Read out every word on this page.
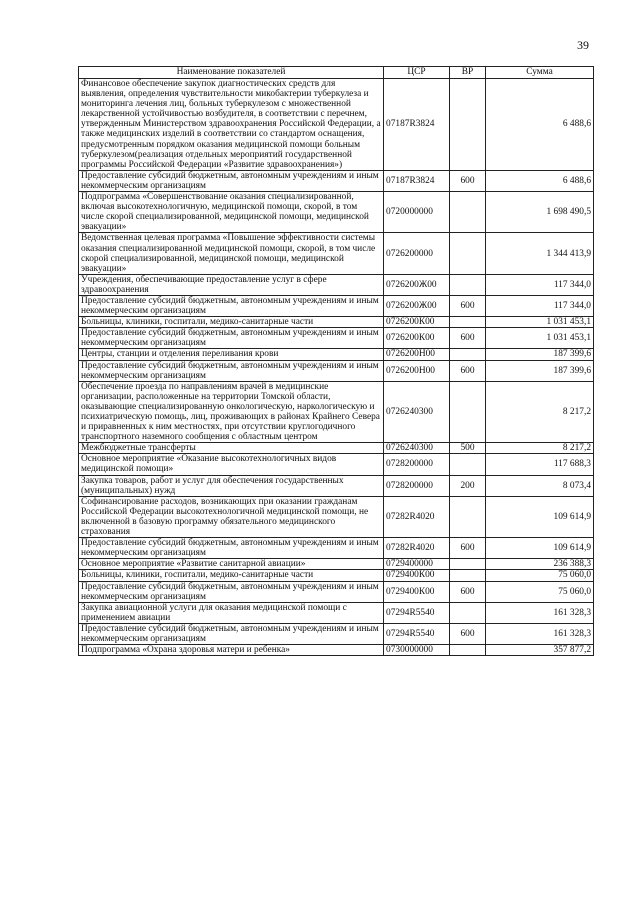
39
Наименование показателей	ЦСР	ВР	Сумма
Финансовое обеспечение закупок диагностических средств для выявления, определения чувствительности микобактерии туберкулеза и мониторинга лечения лиц, больных туберкулезом с множественной лекарственной устойчивостью возбудителя, в соответствии с перечнем, утвержденным Министерством здравоохранения Российской Федерации, а также медицинских изделий в соответствии со стандартом оснащения, предусмотренным порядком оказания медицинской помощи больным туберкулезом(реализация отдельных мероприятий государственной программы Российской Федерации «Развитие здравоохранения»)	07187R3824		6 488,6
Предоставление субсидий бюджетным, автономным учреждениям и иным некоммерческим организациям	07187R3824	600	6 488,6
Подпрограмма «Совершенствование оказания специализированной, включая высокотехнологичную, медицинской помощи, скорой, в том числе скорой специализированной, медицинской помощи, медицинской эвакуации»	0720000000		1 698 490,5
Ведомственная целевая программа «Повышение эффективности системы оказания специализированной медицинской помощи, скорой, в том числе скорой специализированной, медицинской помощи, медицинской эвакуации»	0726200000		1 344 413,9
Учреждения, обеспечивающие предоставление услуг в сфере здравоохранения	0726200Ж00		117 344,0
Предоставление субсидий бюджетным, автономным учреждениям и иным некоммерческим организациям	0726200Ж00	600	117 344,0
Больницы, клиники, госпитали, медико-санитарные части	0726200К00		1 031 453,1
Предоставление субсидий бюджетным, автономным учреждениям и иным некоммерческим организациям	0726200К00	600	1 031 453,1
Центры, станции и отделения переливания крови	0726200Н00		187 399,6
Предоставление субсидий бюджетным, автономным учреждениям и иным некоммерческим организациям	0726200Н00	600	187 399,6
Обеспечение проезда по направлениям врачей в медицинские организации, расположенные на территории Томской области, оказывающие специализированную онкологическую, наркологическую и психиатрическую помощь, лиц, проживающих в районах Крайнего Севера и приравненных к ним местностях, при отсутствии круглогодичного транспортного наземного сообщения с областным центром	0726240300		8 217,2
Межбюджетные трансферты	0726240300	500	8 217,2
Основное мероприятие «Оказание высокотехнологичных видов медицинской помощи»	0728200000		117 688,3
Закупка товаров, работ и услуг для обеспечения государственных (муниципальных) нужд	0728200000	200	8 073,4
Софинансирование расходов, возникающих при оказании гражданам Российской Федерации высокотехнологичной медицинской помощи, не включенной в базовую программу обязательного медицинского страхования	07282R4020		109 614,9
Предоставление субсидий бюджетным, автономным учреждениям и иным некоммерческим организациям	07282R4020	600	109 614,9
Основное мероприятие «Развитие санитарной авиации»	0729400000		236 388,3
Больницы, клиники, госпитали, медико-санитарные части	0729400К00		75 060,0
Предоставление субсидий бюджетным, автономным учреждениям и иным некоммерческим организациям	0729400К00	600	75 060,0
Закупка авиационной услуги для оказания медицинской помощи с применением авиации	07294R5540		161 328,3
Предоставление субсидий бюджетным, автономным учреждениям и иным некоммерческим организациям	07294R5540	600	161 328,3
Подпрограмма «Охрана здоровья матери и ребенка»	0730000000		357 877,2
